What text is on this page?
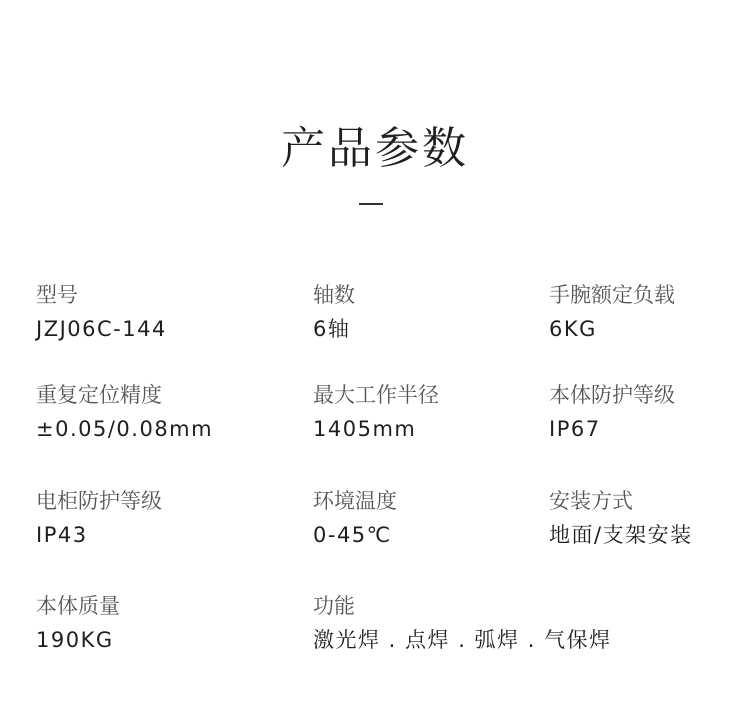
产品参数
型号
JZJ06C-144
轴数
6轴
手腕额定负载
6KG
重复定位精度
±0.05/0.08mm
最大工作半径
1405mm
本体防护等级
IP67
电柜防护等级
IP43
环境温度
0-45℃
安装方式
地面/支架安装
本体质量
190KG
功能
激光焊 . 点焊 . 弧焊 . 气保焊
